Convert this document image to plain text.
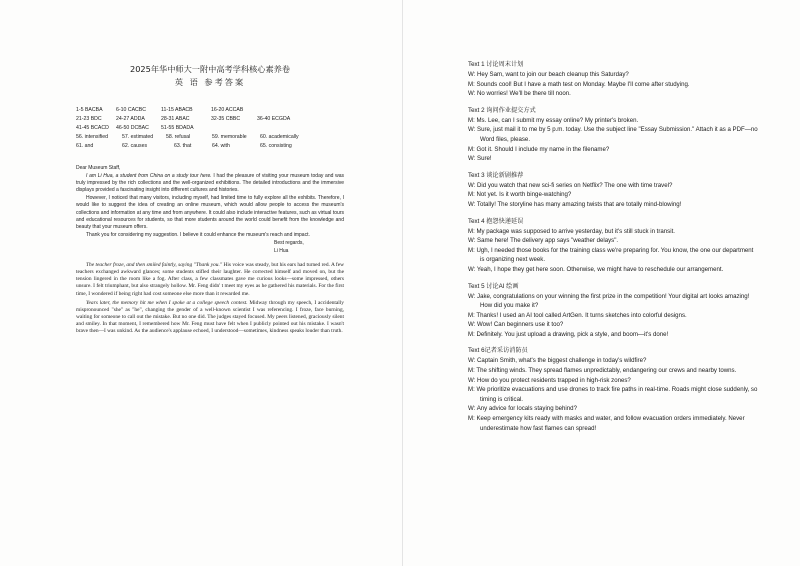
2025年华中师大一附中高考学科核心素养卷
英 语 参考答案
1-5 BACBA	6-10 CACBC	11-15 ABACB	16-20 ACCAB
21-23 BDC	24-27 ADDA	28-31 ABAC	32-35 CBBC	36-40 ECGDA
41-45 BCACD 46-50 DCBAC 51-55 BDADA
56. intensified	57. estimated 58. refusal	59. memorable	60. academically
61. and	62. causes	63. that	64. with	65. consisting

Dear Museum Staff,

I am Li Hua, a student from China on a study tour here. I had the pleasure of visiting your museum today and was truly impressed by the rich collections and the well-organized exhibitions. The detailed introductions and the immersive displays provided a fascinating insight into different cultures and histories.

However, I noticed that many visitors, including myself, had limited time to fully explore all the exhibits. Therefore, I would like to suggest the idea of creating an online museum, which would allow people to access the museum's collections and information at any time and from anywhere. It could also include interactive features, such as virtual tours and educational resources for students, so that more students around the world could benefit from the knowledge and beauty that your museum offers.

Thank you for considering my suggestion. I believe it could enhance the museum's reach and impact.

Best regards,

Li Hua

The teacher froze, and then smiled faintly, saying "Thank you." His voice was steady, but his ears had turned red. A few teachers exchanged awkward glances; some students stifled their laughter. He corrected himself and moved on, but the tension lingered in the room like a fog. After class, a few classmates gave me curious looks—some impressed, others unsure. I felt triumphant, but also strangely hollow. Mr. Feng didn' t meet my eyes as he gathered his materials. For the first time, I wondered if being right had cost someone else more than it rewarded me.

Years later, the memory hit me when I spoke at a college speech contest. Midway through my speech, I accidentally mispronounced "she" as "he", changing the gender of a well-known scientist I was referencing. I froze, face burning, waiting for someone to call out the mistake. But no one did. The judges stayed focused. My peers listened, graciously silent and smiley. In that moment, I remembered how Mr. Feng must have felt when I publicly pointed out his mistake. I wasn't brave then—I was unkind. As the audience's applause echoed, I understood—sometimes, kindness speaks louder than truth.

Text 1 讨论周末计划
W: Hey Sam, want to join our beach cleanup this Saturday?
M: Sounds cool! But I have a math test on Monday. Maybe I'll come after studying.
W: No worries! We'll be there till noon.
Text 2 询问作业提交方式
M: Ms. Lee, can I submit my essay online? My printer's broken.
W: Sure, just mail it to me by 5 p.m. today. Use the subject line "Essay Submission." Attach it as a PDF—no Word files, please.
M: Got it. Should I include my name in the filename?
W: Sure!
Text 3 谈论新剧推荐
W: Did you watch that new sci-fi series on Netflix? The one with time travel?
M: Not yet. Is it worth binge-watching?
W: Totally! The storyline has many amazing twists that are totally mind-blowing!
Text 4 抱怨快递延误
M: My package was supposed to arrive yesterday, but it's still stuck in transit.
W: Same here! The delivery app says "weather delays".
M: Ugh, I needed those books for the training class we're preparing for. You know, the one our department is organizing next week.
W: Yeah, I hope they get here soon. Otherwise, we might have to reschedule our arrangement.
Text 5 讨论AI 绘画
W: Jake, congratulations on your winning the first prize in the competition! Your digital art looks amazing! How did you make it?
M: Thanks! I used an AI tool called ArtGen. It turns sketches into colorful designs.
W: Wow! Can beginners use it too?
M: Definitely. You just upload a drawing, pick a style, and boom—it's done!
Text 6记者采访消防员
W: Captain Smith, what's the biggest challenge in today's wildfire?
M: The shifting winds. They spread flames unpredictably, endangering our crews and nearby towns.
W: How do you protect residents trapped in high-risk zones?
M: We prioritize evacuations and use drones to track fire paths in real-time. Roads might close suddenly, so timing is critical.
W: Any advice for locals staying behind?
M: Keep emergency kits ready with masks and water, and follow evacuation orders immediately. Never underestimate how fast flames can spread!
